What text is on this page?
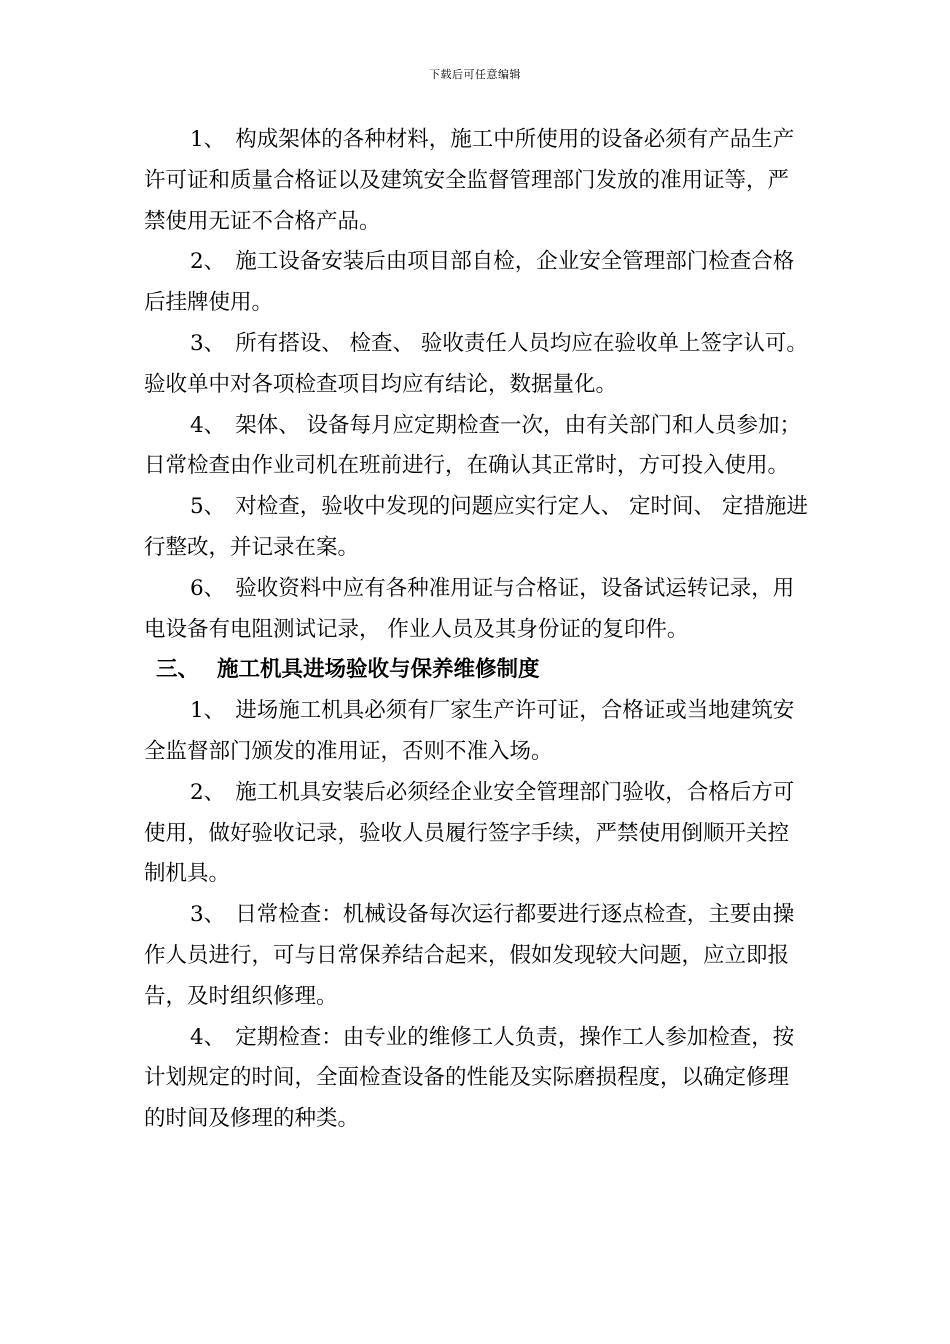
下载后可任意编辑

1、 构成架体的各种材料，施工中所使用的设备必须有产品生产许可证和质量合格证以及建筑安全监督管理部门发放的准用证等，严禁使用无证不合格产品。

2、 施工设备安装后由项目部自检，企业安全管理部门检查合格后挂牌使用。

3、 所有搭设、 检查、 验收责任人员均应在验收单上签字认可。验收单中对各项检查项目均应有结论，数据量化。

4、 架体、 设备每月应定期检查一次，由有关部门和人员参加；日常检查由作业司机在班前进行，在确认其正常时，方可投入使用。

5、 对检查，验收中发现的问题应实行定人、 定时间、 定措施进行整改，并记录在案。

6、 验收资料中应有各种准用证与合格证，设备试运转记录，用电设备有电阻测试记录， 作业人员及其身份证的复印件。

三、 施工机具进场验收与保养维修制度

1、 进场施工机具必须有厂家生产许可证，合格证或当地建筑安全监督部门颁发的准用证，否则不准入场。

2、 施工机具安装后必须经企业安全管理部门验收，合格后方可使用，做好验收记录，验收人员履行签字手续，严禁使用倒顺开关控制机具。

3、 日常检查：机械设备每次运行都要进行逐点检查，主要由操作人员进行，可与日常保养结合起来，假如发现较大问题，应立即报告，及时组织修理。

4、 定期检查：由专业的维修工人负责，操作工人参加检查，按计划规定的时间，全面检查设备的性能及实际磨损程度，以确定修理的时间及修理的种类。
